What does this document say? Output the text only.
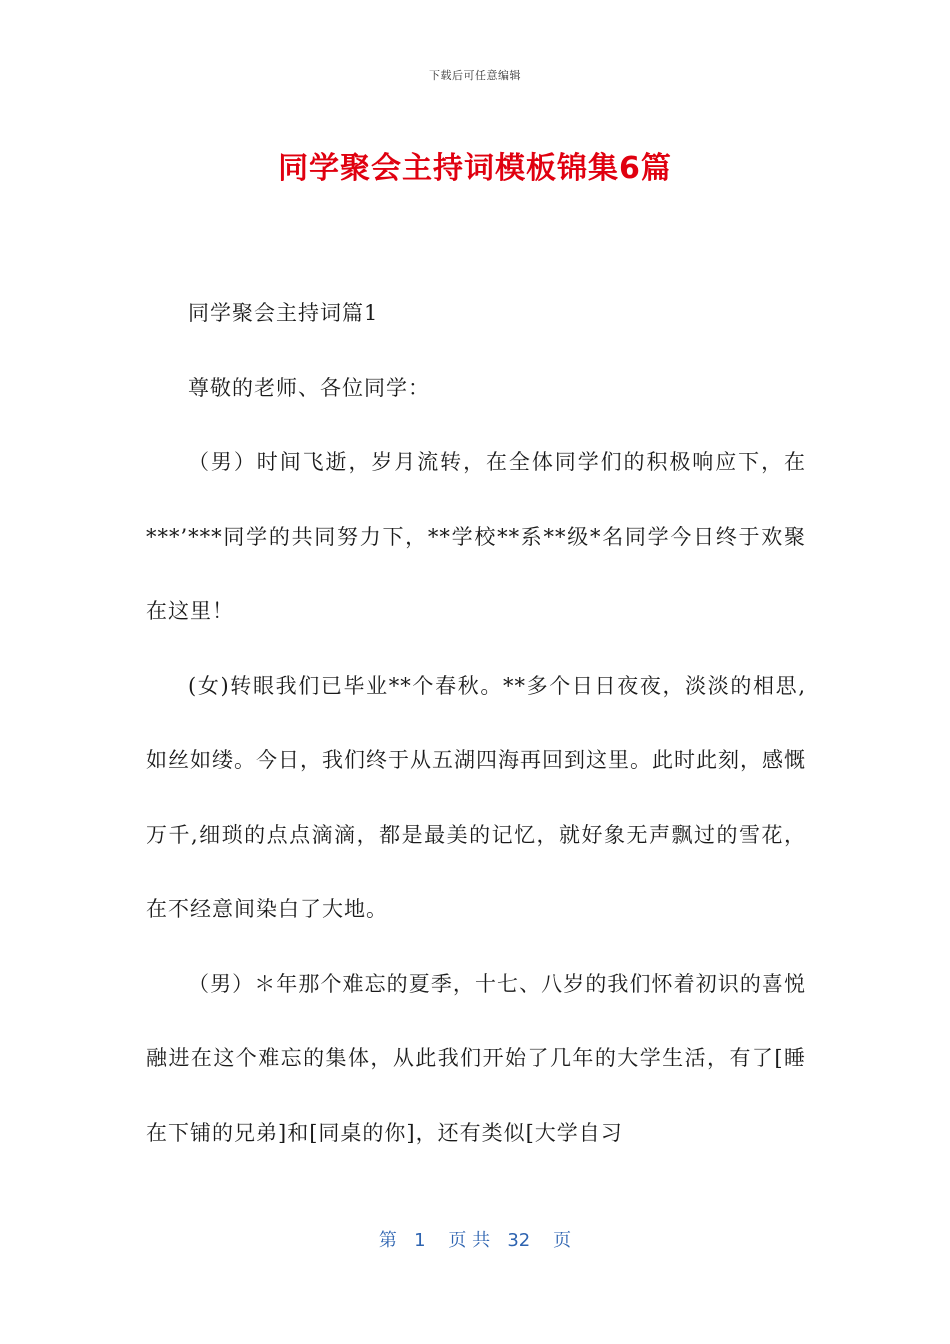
下载后可任意编辑
同学聚会主持词模板锦集6篇

同学聚会主持词篇1

尊敬的老师、各位同学：

（男）时间飞逝，岁月流转，在全体同学们的积极响应下，在***’***同学的共同努力下，**学校**系**级*名同学今日终于欢聚在这里！

(女)转眼我们已毕业**个春秋。**多个日日夜夜，淡淡的相思,如丝如缕。今日，我们终于从五湖四海再回到这里。此时此刻，感慨万千,细琐的点点滴滴，都是最美的记忆，就好象无声飘过的雪花，在不经意间染白了大地。

（男）＊年那个难忘的夏季，十七、八岁的我们怀着初识的喜悦融进在这个难忘的集体，从此我们开始了几年的大学生活，有了[睡在下铺的兄弟]和[同桌的你]，还有类似[大学自习

第 1 页 共 32 页
